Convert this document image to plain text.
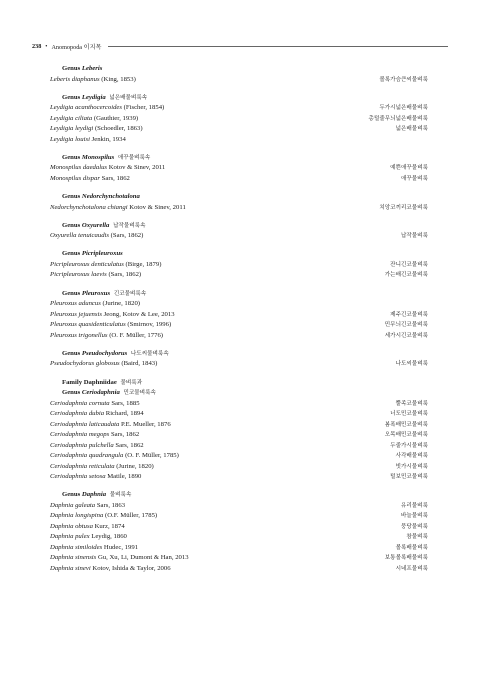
238 • Anomopoda 이지목
Genus Leberis
Leberis diaphanus (King, 1853)	볼록가슴큰씨물벼룩
Genus Leydigia 넓은배물벼룩속
Leydigia acanthocercoides (Fischer, 1854)	두가시넓은배물벼룩
Leydigia ciliata (Gauthier, 1939)	총털줄무늬넓은배물벼룩
Leydigia leydigi (Schoedler, 1863)	넓은배물벼룩
Leydigia louisi Jenkin, 1934
Genus Monospilus 애꾸물벼룩속
Monospilus daedalus Kotov & Sinev, 2011	예쁜애꾸물벼룩
Monospilus dispar Sars, 1862	애꾸물벼룩
Genus Nedorchynchotalona
Nedorchynchotalona chiangi Kotov & Sinev, 2011	치앙코끼리코물벼룩
Genus Oxyurella 납작물벼룩속
Oxyurella tenuicaudis (Sars, 1862)	납작물벼룩
Genus Picripleuroxus
Picripleuroxus denticulatus (Birge, 1879)	잔니긴코물벼룩
Picripleuroxus laevis (Sars, 1862)	가는배긴코물벼룩
Genus Pleuroxus 긴코물벼룩속
Pleuroxus aduncus (Jurine, 1820)
Pleuroxus jejuensis Jeong, Kotov & Lee, 2013	제주긴코물벼룩
Pleuroxus quasidenticulatus (Smirnov, 1996)	민무늬긴코물벼룩
Pleuroxus trigonellus (O. F. Müller, 1776)	세가시긴코물벼룩
Genus Pseudochydorus 나도씨물벼룩속
Pseudochydorus globosus (Baird, 1843)	나도씨물벼룩
Family Daphniidae 물벼룩과
Genus Ceriodaphnia 민코물벼룩속
Ceriodaphnia cornuta Sars, 1885	뿔족코물벼룩
Ceriodaphnia dubia Richard, 1894	너도민코물벼룩
Ceriodaphnia laticaudata P.E. Mueller, 1876	봄폭배민코물벼룩
Ceriodaphnia megops Sars, 1862	오목배민코물벼룩
Ceriodaphnia pulchella Sars, 1862	두줄가시물벼룩
Ceriodaphnia quadrangula (O. F. Müller, 1785)	사각배물벼룩
Ceriodaphnia reticulata (Jurine, 1820)	빗가시물벼룩
Ceriodaphnia setosa Matile, 1890	털보민코물벼룩
Genus Daphnia 물벼룩속
Daphnia galeata Sars, 1863	유리물벼룩
Daphnia longispina (O.F. Müller, 1785)	바늘물벼룩
Daphnia obtusa Kurz, 1874	뭉당물벼룩
Daphnia pulex Leydig, 1860	참물벼룩
Daphnia similoides Hudec, 1991	볼록배물벼룩
Daphnia sinensis Gu, Xu, Li, Dumont & Han, 2013	보통볼록배물벼룩
Daphnia sinevi Kotov, Ishida & Taylor, 2006	시네프물벼룩
